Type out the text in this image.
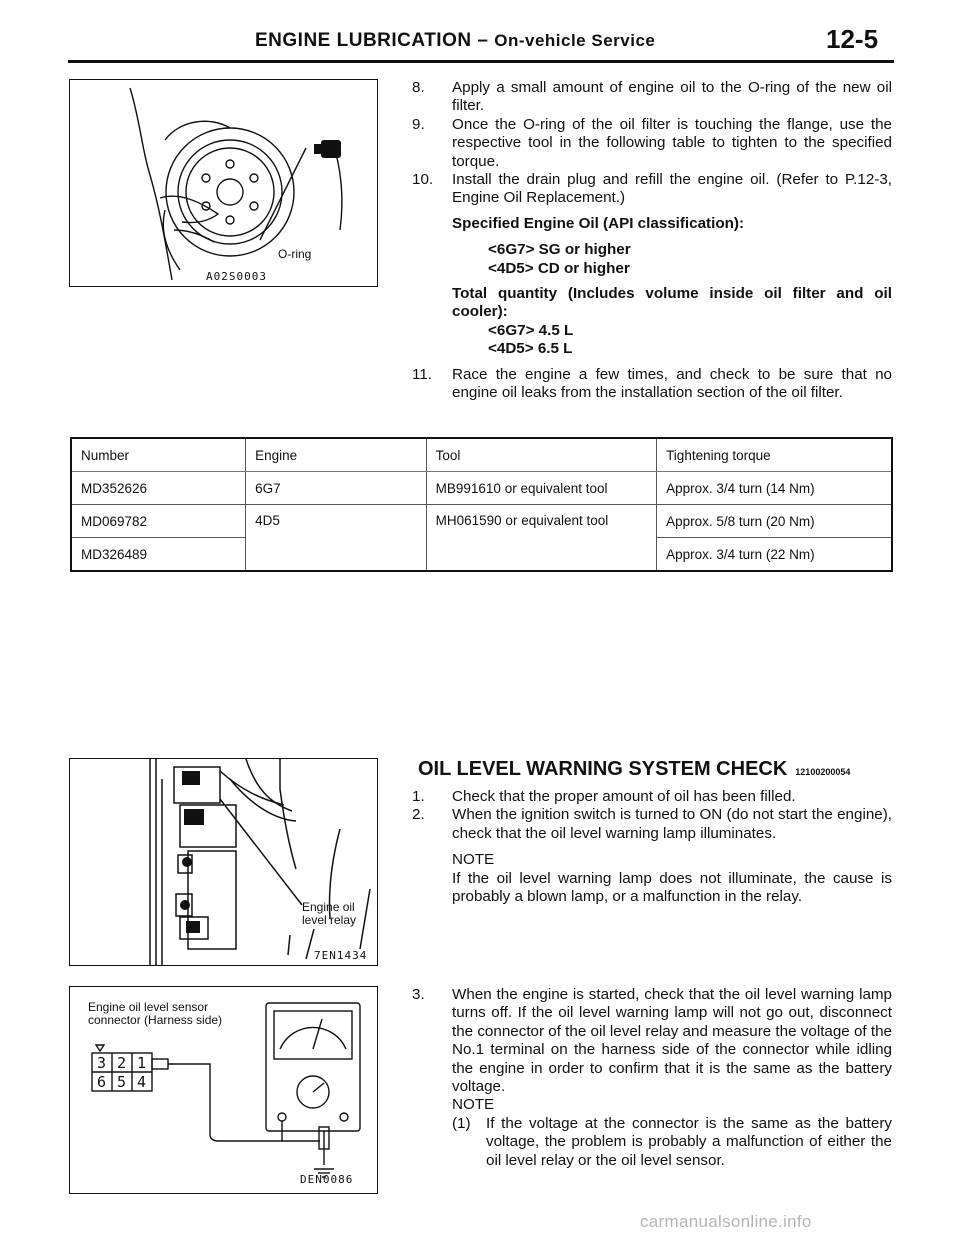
ENGINE LUBRICATION – On-vehicle Service	12-5
O-ring
A02S0003
8.	Apply a small amount of engine oil to the O-ring of the new oil filter.
9.	Once the O-ring of the oil filter is touching the flange, use the respective tool in the following table to tighten to the specified torque.
10.	Install the drain plug and refill the engine oil. (Refer to P.12-3, Engine Oil Replacement.)
Specified Engine Oil (API classification):
<6G7> SG or higher
<4D5> CD or higher
Total quantity (Includes volume inside oil filter and oil cooler):
<6G7> 4.5 L
<4D5> 6.5 L
11.	Race the engine a few times, and check to be sure that no engine oil leaks from the installation section of the oil filter.
Number	Engine	Tool	Tightening torque
MD352626	6G7	MB991610 or equivalent tool	Approx. 3/4 turn (14 Nm)
MD069782	4D5	MH061590 or equivalent tool	Approx. 5/8 turn (20 Nm)
MD326489			Approx. 3/4 turn (22 Nm)
Engine oil
level relay
7EN1434
OIL LEVEL WARNING SYSTEM CHECK 12100200054
1.	Check that the proper amount of oil has been filled.
2.	When the ignition switch is turned to ON (do not start the engine), check that the oil level warning lamp illuminates.
NOTE
If the oil level warning lamp does not illuminate, the cause is probably a blown lamp, or a malfunction in the relay.
Engine oil level sensor
connector (Harness side)
3 2 1
6 5 4
DEN0086
3.	When the engine is started, check that the oil level warning lamp turns off. If the oil level warning lamp will not go out, disconnect the connector of the oil level relay and measure the voltage of the No.1 terminal on the harness side of the connector while idling the engine in order to confirm that it is the same as the battery voltage.
NOTE
(1)	If the voltage at the connector is the same as the battery voltage, the problem is probably a malfunction of either the oil level relay or the oil level sensor.
carmanualsonline.info
